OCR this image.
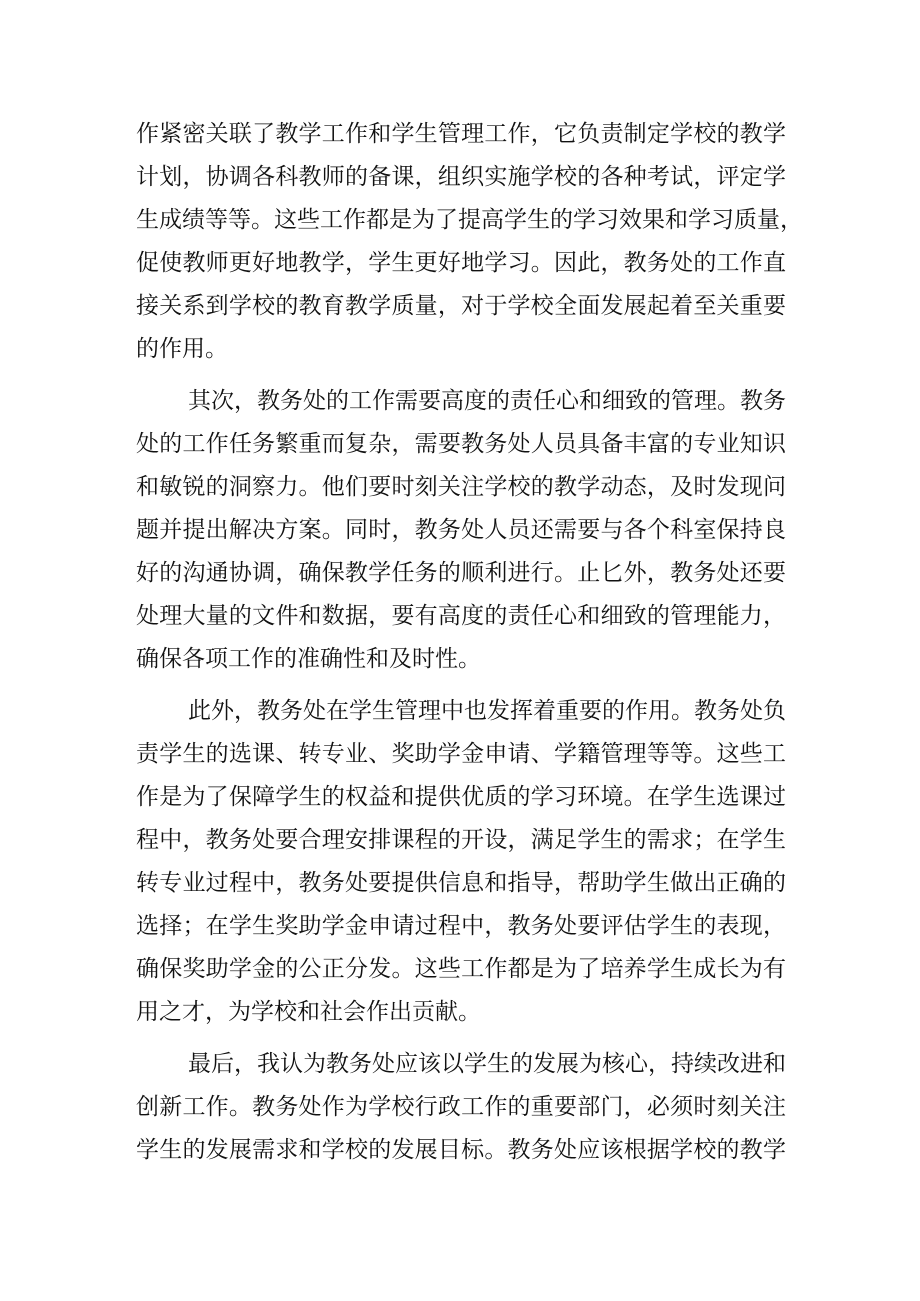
作紧密关联了教学工作和学生管理工作，它负责制定学校的教学
计划，协调各科教师的备课，组织实施学校的各种考试，评定学
生成绩等等。这些工作都是为了提高学生的学习效果和学习质量，
促使教师更好地教学，学生更好地学习。因此，教务处的工作直
接关系到学校的教育教学质量，对于学校全面发展起着至关重要
的作用。
其次，教务处的工作需要高度的责任心和细致的管理。教务
处的工作任务繁重而复杂，需要教务处人员具备丰富的专业知识
和敏锐的洞察力。他们要时刻关注学校的教学动态，及时发现问
题并提出解决方案。同时，教务处人员还需要与各个科室保持良
好的沟通协调，确保教学任务的顺利进行。止匕外，教务处还要
处理大量的文件和数据，要有高度的责任心和细致的管理能力，
确保各项工作的准确性和及时性。
此外，教务处在学生管理中也发挥着重要的作用。教务处负
责学生的选课、转专业、奖助学金申请、学籍管理等等。这些工
作是为了保障学生的权益和提供优质的学习环境。在学生选课过
程中，教务处要合理安排课程的开设，满足学生的需求；在学生
转专业过程中，教务处要提供信息和指导，帮助学生做出正确的
选择；在学生奖助学金申请过程中，教务处要评估学生的表现，
确保奖助学金的公正分发。这些工作都是为了培养学生成长为有
用之才，为学校和社会作出贡献。
最后，我认为教务处应该以学生的发展为核心，持续改进和
创新工作。教务处作为学校行政工作的重要部门，必须时刻关注
学生的发展需求和学校的发展目标。教务处应该根据学校的教学
